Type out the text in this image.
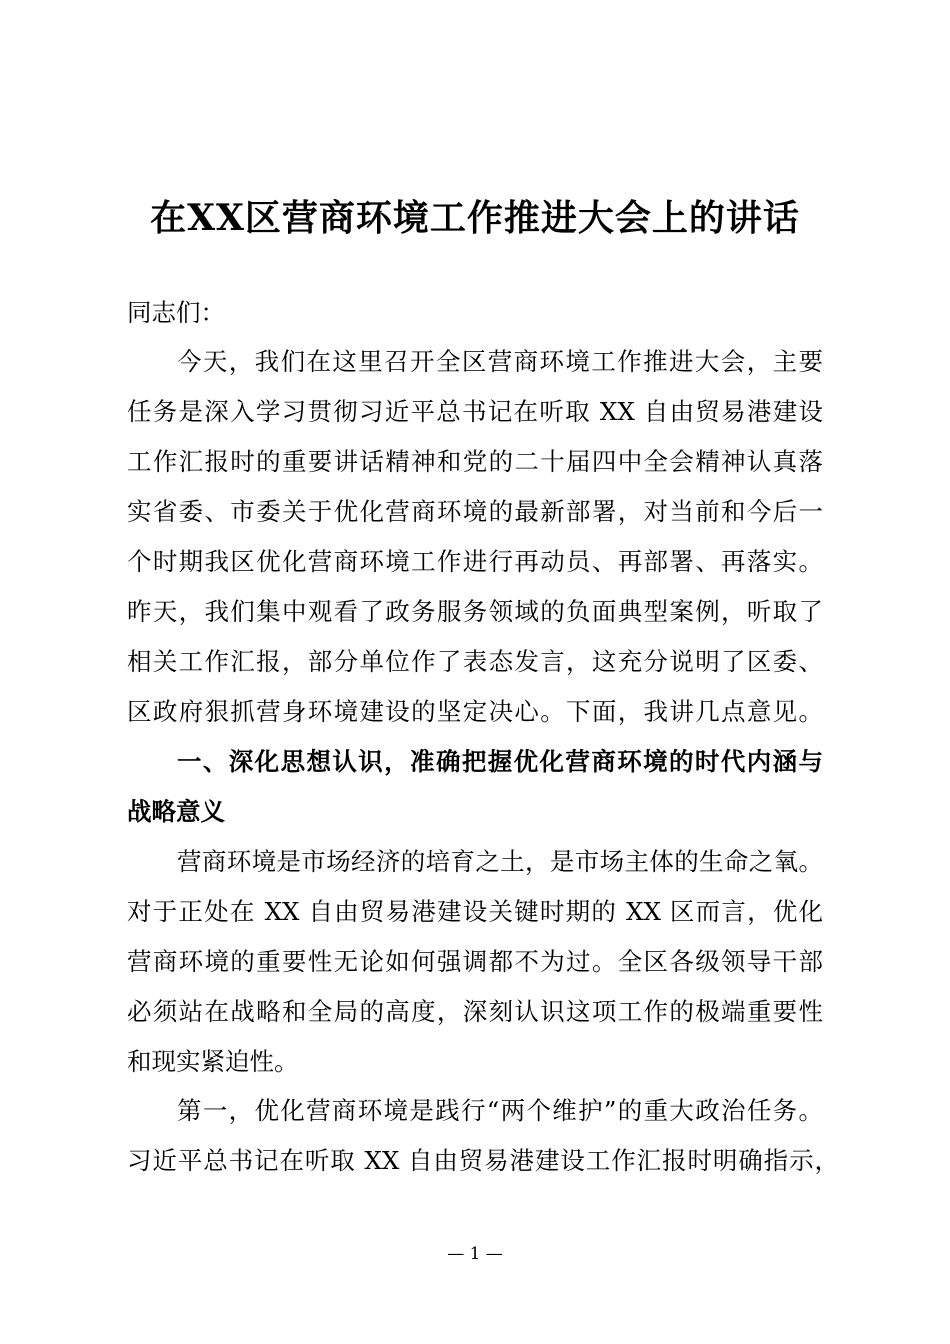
在XX区营商环境工作推进大会上的讲话
同志们：
今天，我们在这里召开全区营商环境工作推进大会，主要
任务是深入学习贯彻习近平总书记在听取 XX 自由贸易港建设
工作汇报时的重要讲话精神和党的二十届四中全会精神认真落
实省委、市委关于优化营商环境的最新部署，对当前和今后一
个时期我区优化营商环境工作进行再动员、再部署、再落实。
昨天，我们集中观看了政务服务领域的负面典型案例，听取了
相关工作汇报，部分单位作了表态发言，这充分说明了区委、
区政府狠抓营身环境建设的坚定决心。下面，我讲几点意见。
一、深化思想认识，准确把握优化营商环境的时代内涵与
战略意义
营商环境是市场经济的培育之土，是市场主体的生命之氧。
对于正处在 XX 自由贸易港建设关键时期的 XX 区而言，优化
营商环境的重要性无论如何强调都不为过。全区各级领导干部
必须站在战略和全局的高度，深刻认识这项工作的极端重要性
和现实紧迫性。
第一，优化营商环境是践行“两个维护”的重大政治任务。
习近平总书记在听取 XX 自由贸易港建设工作汇报时明确指示，
— 1 —
